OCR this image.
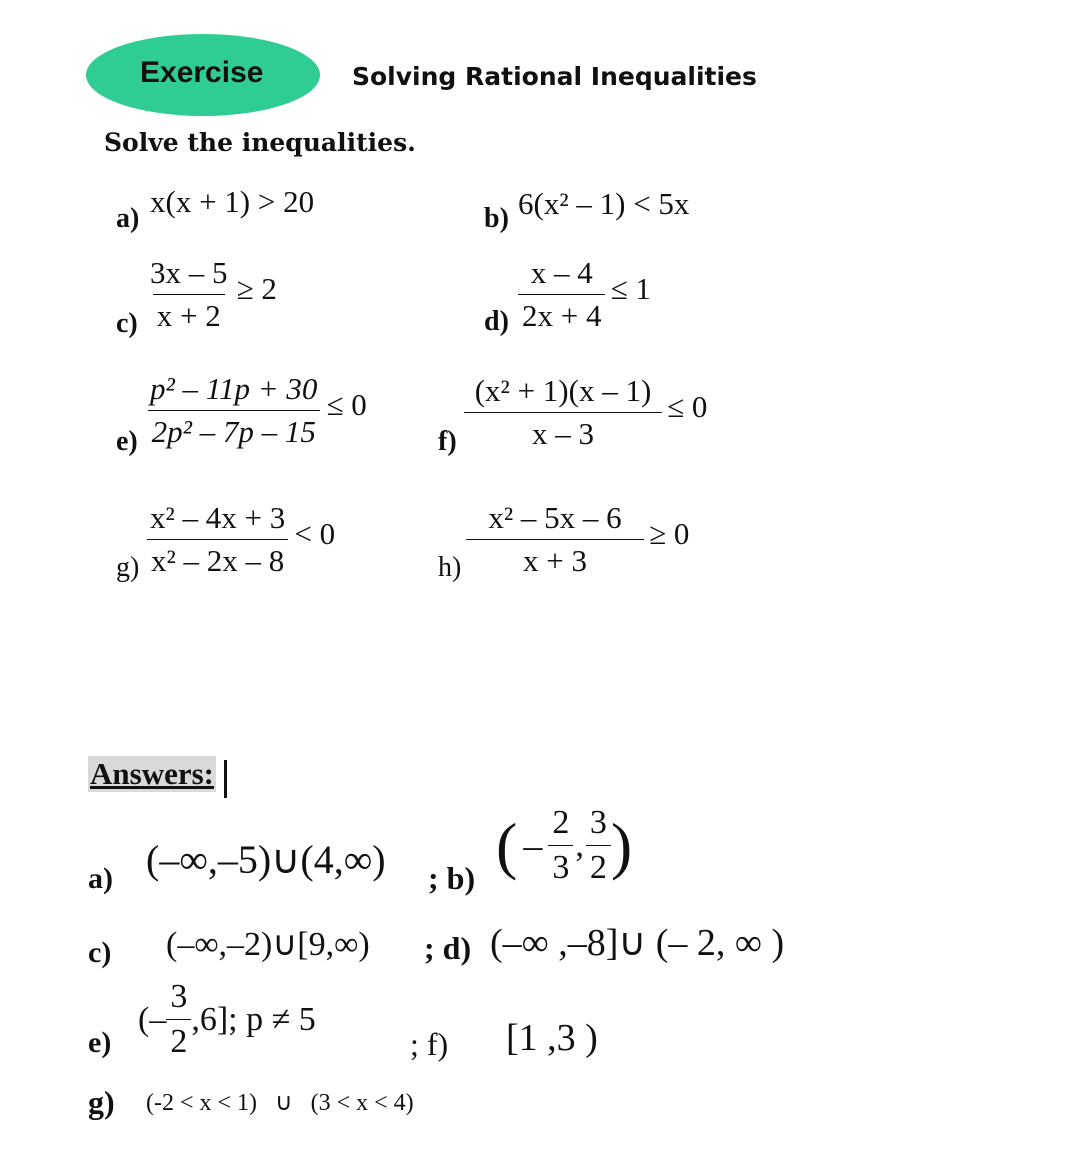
Exercise	Solving Rational Inequalities
Solve the inequalities.
a) x(x + 1) > 20	b) 6(x² – 1) < 5x
$c) \frac{3x - 5}{x + 2} \ge 2$
$d) \frac{x - 4}{2x + 4} \le 1$
$e) \frac{\text{p² – 11p + 30}}{\text{2p² – 7p – 15}} \le 0$
$f) \frac{\text{(x² + 1)(x – 1)}}{x - 3} \le 0$
$g) \frac{\text{x² – 4x + 3}}{\text{x² – 2x – 8}} < 0$
$h) \frac{\text{x² – 5x – 6}}{x + 3} \ge 0$
Answers:
a) (–∞,–5)∪(4,∞) ; b) ( – $\frac{2}{3}$ , $\frac{3}{2}$ )
c) (–∞,–2)∪[9,∞) ; d) (–∞ ,–8]∪ (– 2, ∞ )
e)
(– $\frac{3}{2} ,6$]; p ≠ 5
; f) [1 ,3 )
g) (-2 < x < 1)   ∪   (3 < x < 4)
